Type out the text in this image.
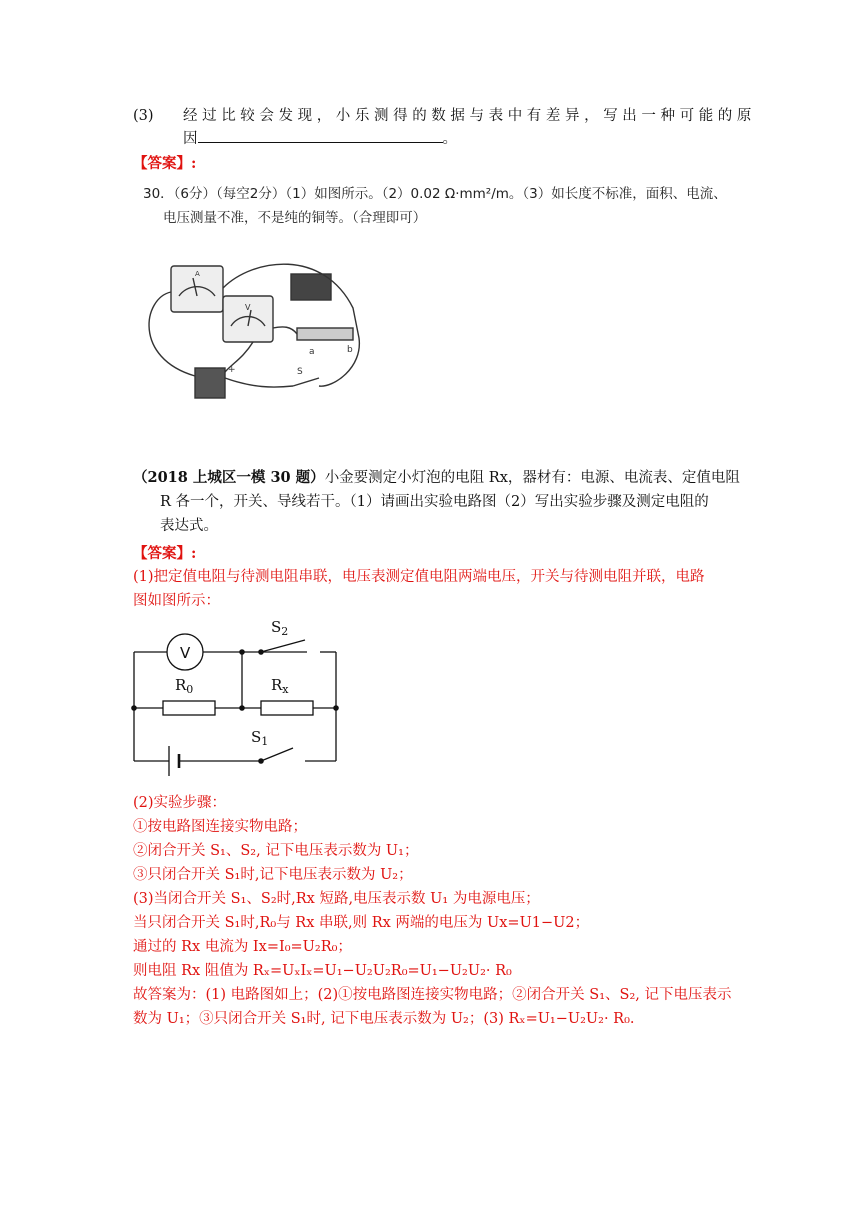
(3) 经过比较会发现，小乐测得的数据与表中有差异，写出一种可能的原
因	。
【答案】:
30．（6分）（每空2分）（1）如图所示。（2）0.02 Ω·mm²/m。（3）如长度不标准，面积、电流、
电压测量不准，不是纯的铜等。（合理即可）
A
V
a	b
+	S
（2018 上城区一模 30 题）小金要测定小灯泡的电阻 Rx，器材有：电源、电流表、定值电阻
R 各一个，开关、导线若干。（1）请画出实验电路图（2）写出实验步骤及测定电阻的
表达式。
【答案】:
(1)把定值电阻与待测电阻串联，电压表测定值电阻两端电压，开关与待测电阻并联，电路
图如图所示：
V
$R_0$	$R_x$
$S_2$
$S_1$
(2)实验步骤：
①按电路图连接实物电路；
②闭合开关 S₁、S₂, 记下电压表示数为 U₁；
③只闭合开关 S₁时,记下电压表示数为 U₂；
(3)当闭合开关 S₁、S₂时,Rx 短路,电压表示数 U₁ 为电源电压；
当只闭合开关 S₁时,R₀与 Rx 串联,则 Rx 两端的电压为 Ux=U1−U2；
通过的 Rx 电流为 Ix=I₀=U₂R₀；
则电阻 Rx 阻值为 Rₓ=UₓIₓ=U₁−U₂U₂R₀=U₁−U₂U₂· R₀
故答案为：(1) 电路图如上；(2)①按电路图连接实物电路；②闭合开关 S₁、S₂, 记下电压表示
数为 U₁；③只闭合开关 S₁时, 记下电压表示数为 U₂；(3) Rₓ=U₁−U₂U₂· R₀.
